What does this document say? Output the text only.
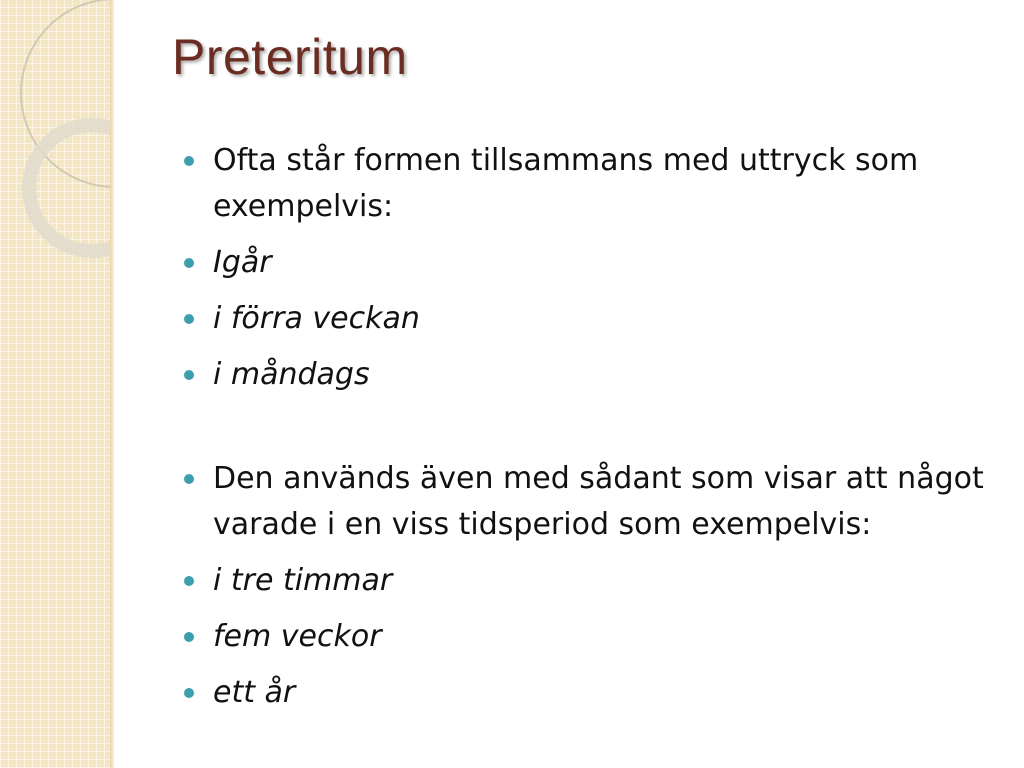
Preteritum
Ofta står formen tillsammans med uttryck som exempelvis:
Igår
i förra veckan
i måndags
Den används även med sådant som visar att något varade i en viss tidsperiod som exempelvis:
i tre timmar
fem veckor
ett år
